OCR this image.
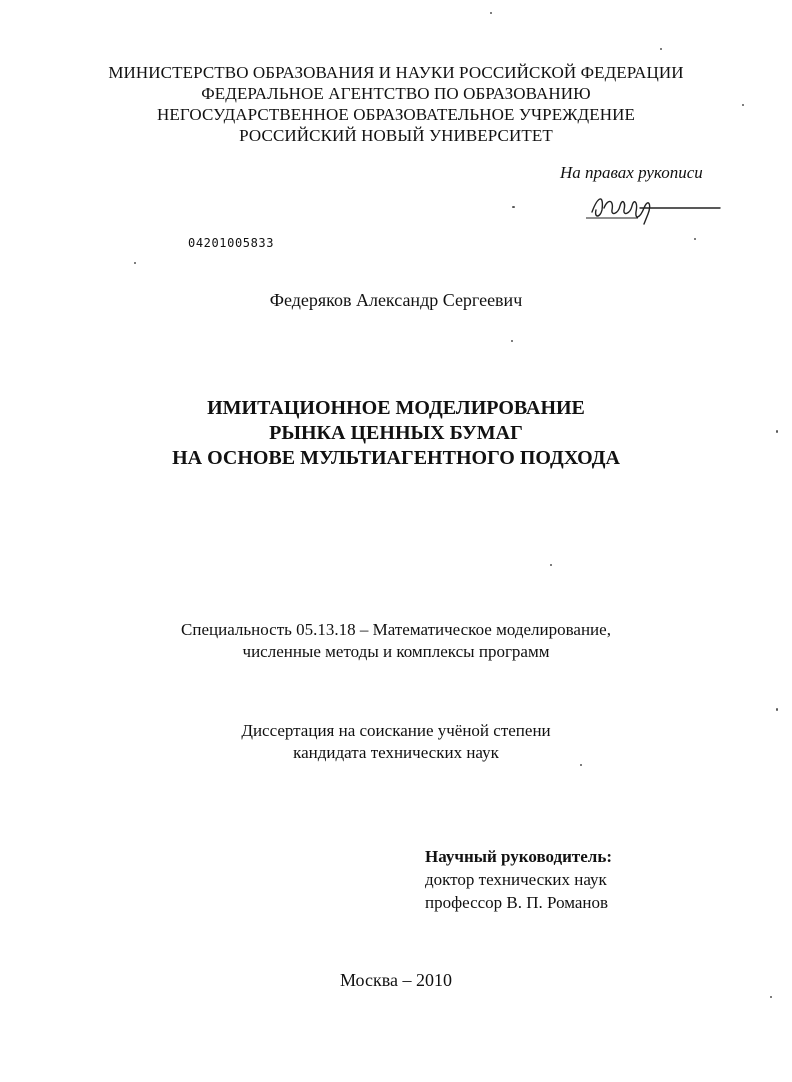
МИНИСТЕРСТВО ОБРАЗОВАНИЯ И НАУКИ РОССИЙСКОЙ ФЕДЕРАЦИИ
ФЕДЕРАЛЬНОЕ АГЕНТСТВО ПО ОБРАЗОВАНИЮ
НЕГОСУДАРСТВЕННОЕ ОБРАЗОВАТЕЛЬНОЕ УЧРЕЖДЕНИЕ
РОССИЙСКИЙ НОВЫЙ УНИВЕРСИТЕТ
На правах рукописи
04201005833
Федеряков Александр Сергеевич
ИМИТАЦИОННОЕ МОДЕЛИРОВАНИЕ
РЫНКА ЦЕННЫХ БУМАГ
НА ОСНОВЕ МУЛЬТИАГЕНТНОГО ПОДХОДА
Специальность 05.13.18 – Математическое моделирование,
численные методы и комплексы программ
Диссертация на соискание учёной степени
кандидата технических наук
Научный руководитель:
доктор технических наук
профессор В. П. Романов
Москва – 2010
